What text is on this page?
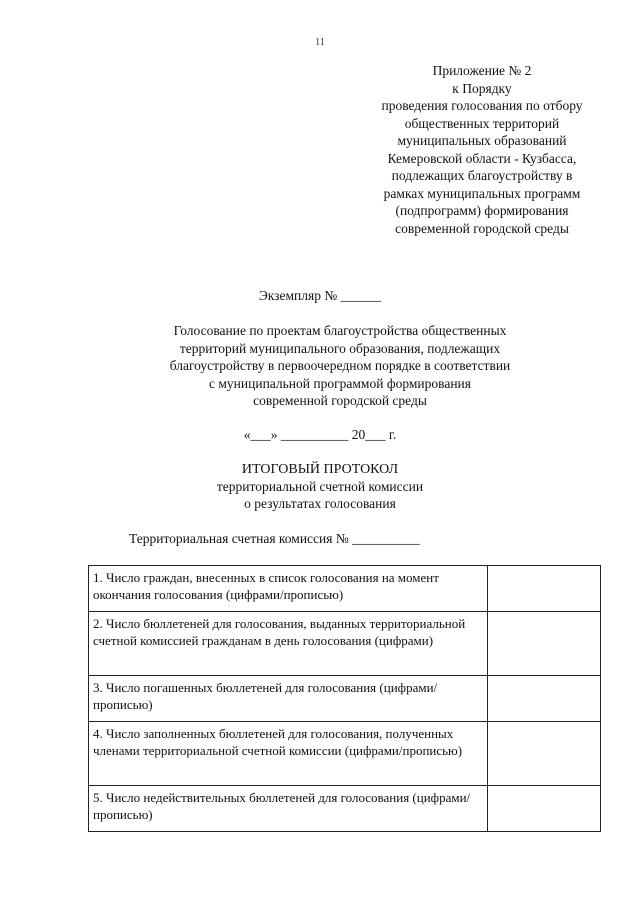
11
Приложение № 2
к Порядку
проведения голосования по отбору
общественных территорий
муниципальных образований
Кемеровской области - Кузбасса,
подлежащих благоустройству в
рамках муниципальных программ
(подпрограмм) формирования
современной городской среды
Экземпляр № ______
Голосование по проектам благоустройства общественных
территорий муниципального образования, подлежащих
благоустройству в первоочередном порядке в соответствии
с муниципальной программой формирования
современной городской среды
«___» __________ 20___ г.
ИТОГОВЫЙ ПРОТОКОЛ
территориальной счетной комиссии
о результатах голосования
Территориальная счетная комиссия № __________
1. Число граждан, внесенных в список голосования на момент окончания голосования (цифрами/прописью)	
2. Число бюллетеней для голосования, выданных территориальной счетной комиссией гражданам в день голосования (цифрами)	
3. Число погашенных бюллетеней для голосования (цифрами/прописью)	
4. Число заполненных бюллетеней для голосования, полученных членами территориальной счетной комиссии (цифрами/прописью)	
5. Число недействительных бюллетеней для голосования (цифрами/прописью)	
